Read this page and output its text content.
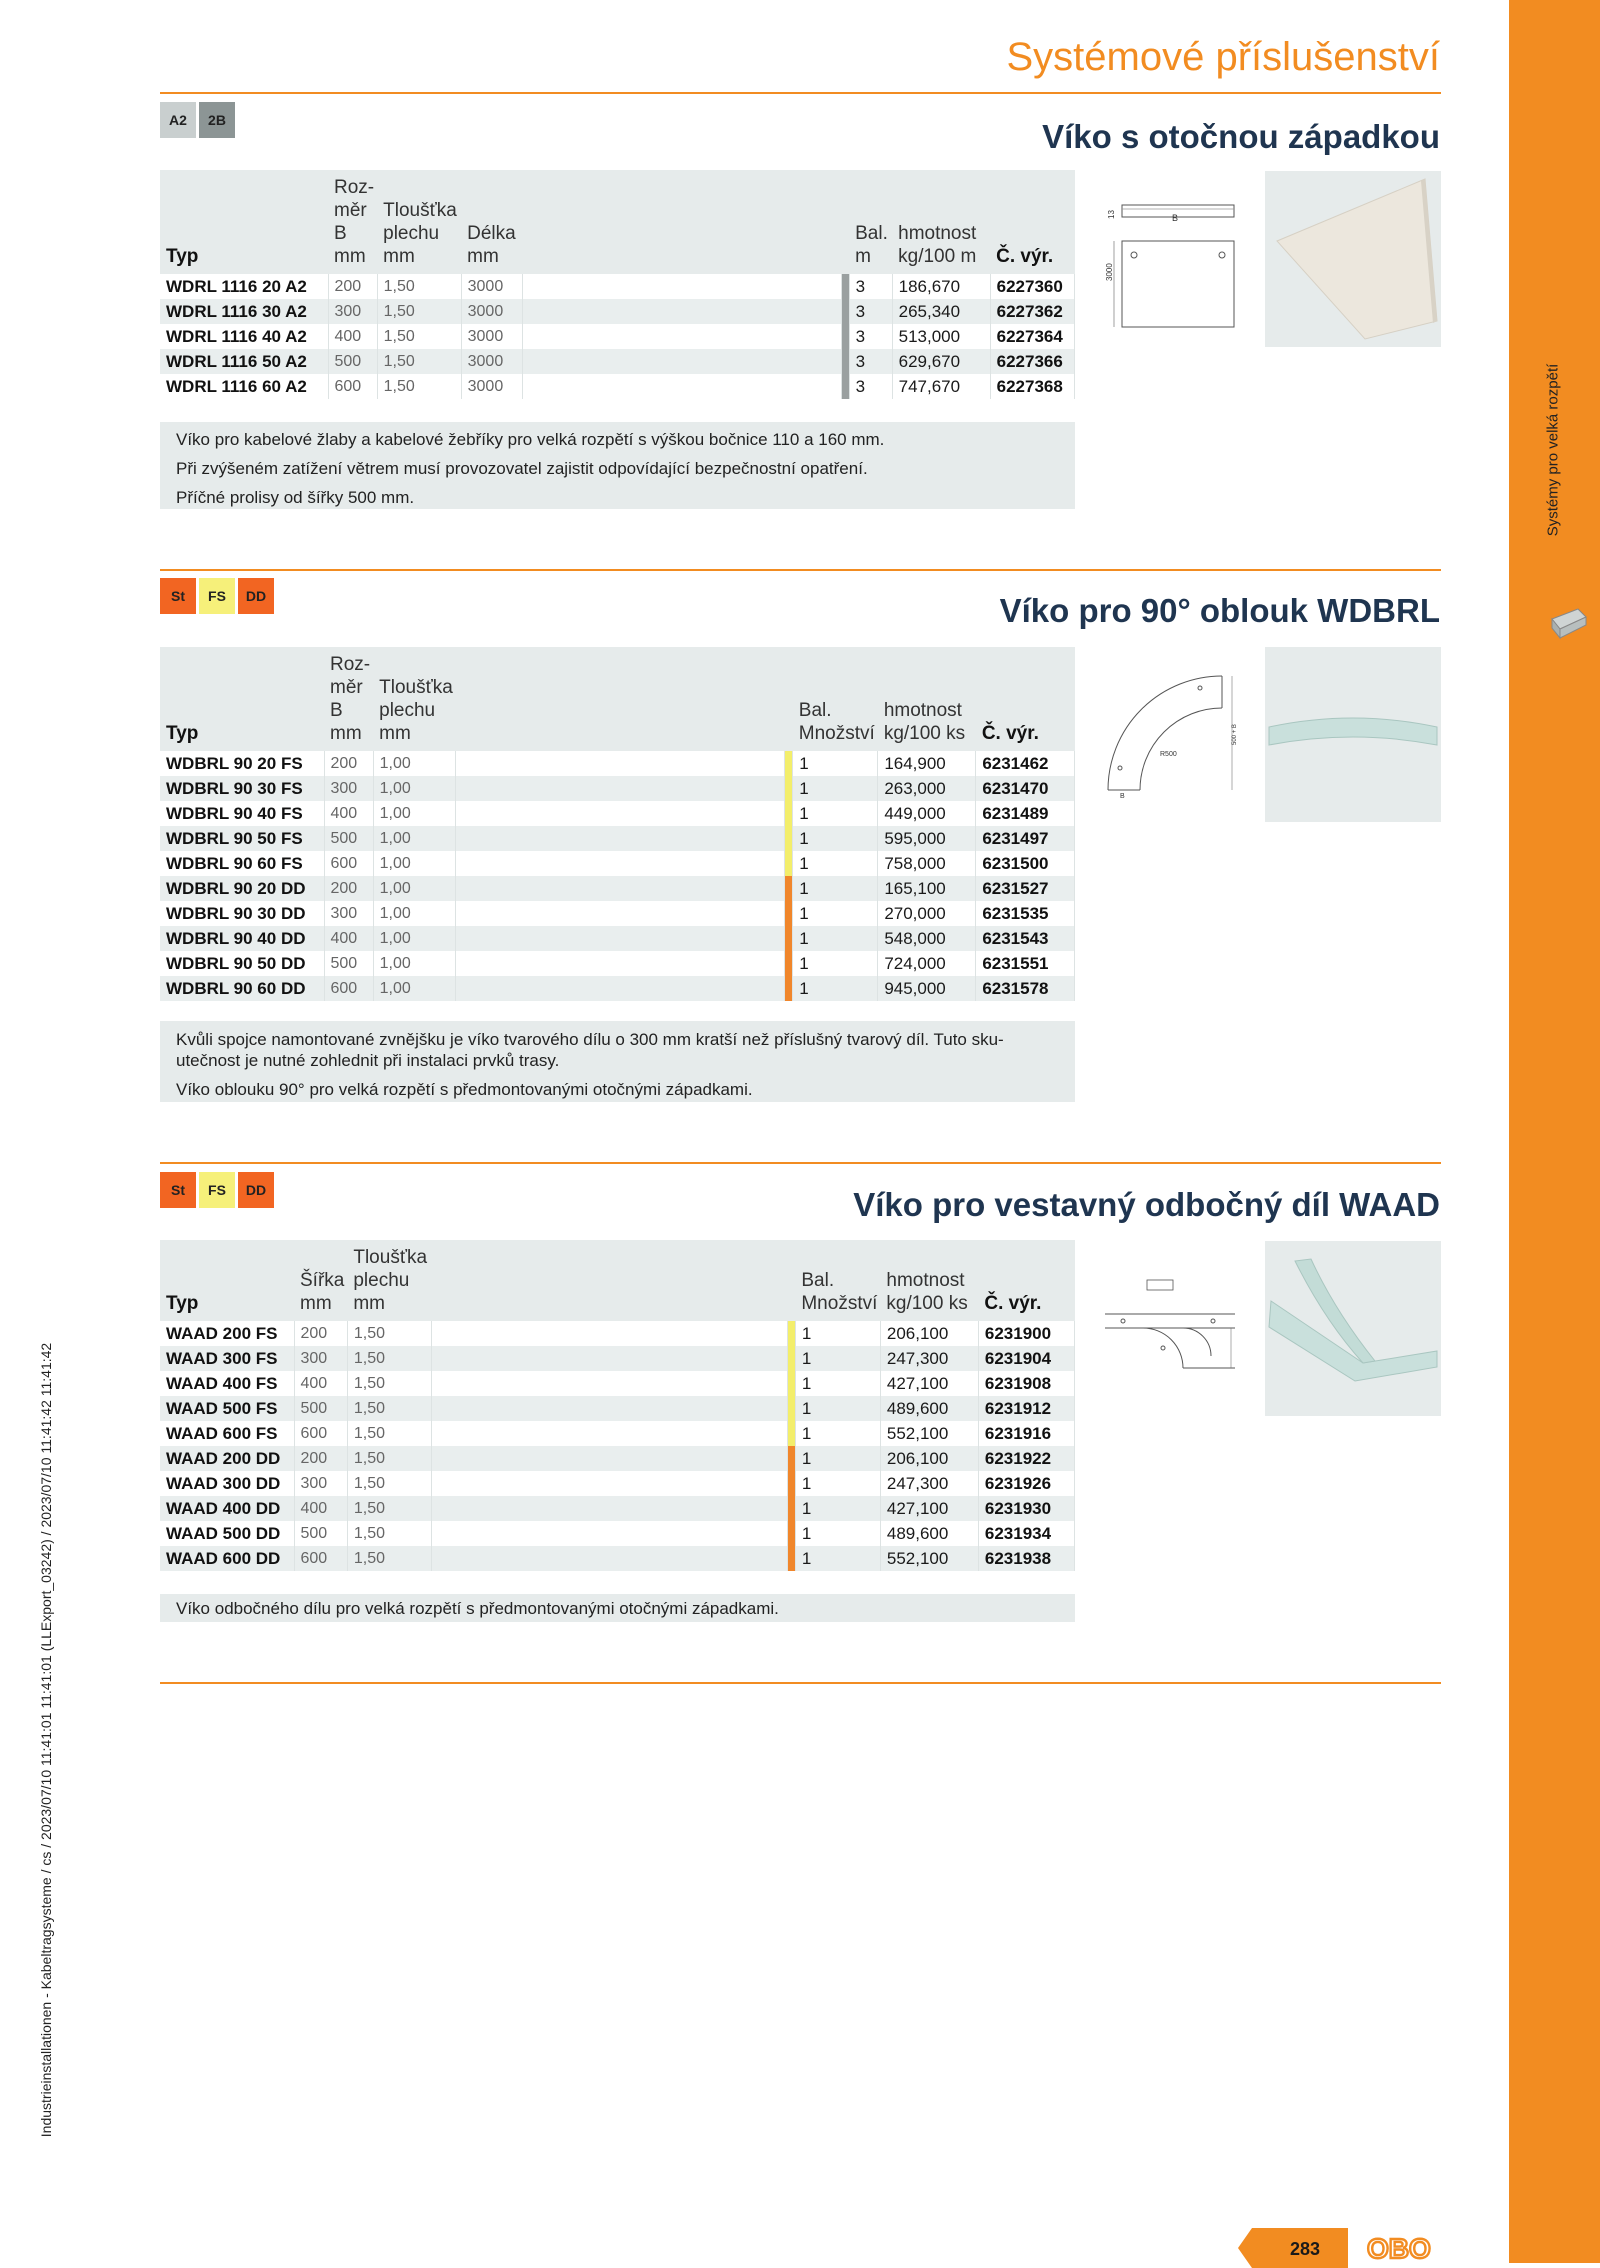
Systémy pro velká rozpětí
Industrieinstallationen - Kabeltragsysteme / cs / 2023/07/10 11:41:01 11:41:01 (LLExport_03242) / 2023/07/10 11:41:42 11:41:42
Systémové příslušenství
A2	2B	Víko s otočnou západkou
Typ	Roz-
měr
B
mm	Tloušťka
plechu
mm	Délka
mm			Bal.
m	hmotnost
kg/100 m	Č. výr.
WDRL 1116 20 A2	200	1,50	3000			3	186,670	6227360
WDRL 1116 30 A2	300	1,50	3000			3	265,340	6227362
WDRL 1116 40 A2	400	1,50	3000			3	513,000	6227364
WDRL 1116 50 A2	500	1,50	3000			3	629,670	6227366
WDRL 1116 60 A2	600	1,50	3000			3	747,670	6227368
Víko pro kabelové žlaby a kabelové žebříky pro velká rozpětí s výškou bočnice 110 a 160 mm.
Při zvýšeném zatížení větrem musí provozovatel zajistit odpovídající bezpečnostní opatření.
Příčné prolisy od šířky 500 mm.
B
13
3000
St	FS	DD	Víko pro 90° oblouk WDBRL
Typ	Roz-
měr
B
mm	Tloušťka
plechu
mm			Bal.
Množství	hmotnost
kg/100 ks	Č. výr.
WDBRL 90 20 FS	200	1,00			1	164,900	6231462
WDBRL 90 30 FS	300	1,00			1	263,000	6231470
WDBRL 90 40 FS	400	1,00			1	449,000	6231489
WDBRL 90 50 FS	500	1,00			1	595,000	6231497
WDBRL 90 60 FS	600	1,00			1	758,000	6231500
WDBRL 90 20 DD	200	1,00			1	165,100	6231527
WDBRL 90 30 DD	300	1,00			1	270,000	6231535
WDBRL 90 40 DD	400	1,00			1	548,000	6231543
WDBRL 90 50 DD	500	1,00			1	724,000	6231551
WDBRL 90 60 DD	600	1,00			1	945,000	6231578
Kvůli spojce namontované zvnějšku je víko tvarového dílu o 300 mm kratší než příslušný tvarový díl. Tuto sku-
utečnost je nutné zohlednit při instalaci prvků trasy.
Víko oblouku 90° pro velká rozpětí s předmontovanými otočnými západkami.
R500
500 + B
B
St	FS	DD	Víko pro vestavný odbočný díl WAAD
Typ	Šířka
mm	Tloušťka
plechu
mm			Bal.
Množství	hmotnost
kg/100 ks	Č. výr.
WAAD 200 FS	200	1,50			1	206,100	6231900
WAAD 300 FS	300	1,50			1	247,300	6231904
WAAD 400 FS	400	1,50			1	427,100	6231908
WAAD 500 FS	500	1,50			1	489,600	6231912
WAAD 600 FS	600	1,50			1	552,100	6231916
WAAD 200 DD	200	1,50			1	206,100	6231922
WAAD 300 DD	300	1,50			1	247,300	6231926
WAAD 400 DD	400	1,50			1	427,100	6231930
WAAD 500 DD	500	1,50			1	489,600	6231934
WAAD 600 DD	600	1,50			1	552,100	6231938
Víko odbočného dílu pro velká rozpětí s předmontovanými otočnými západkami.
283 OBO
